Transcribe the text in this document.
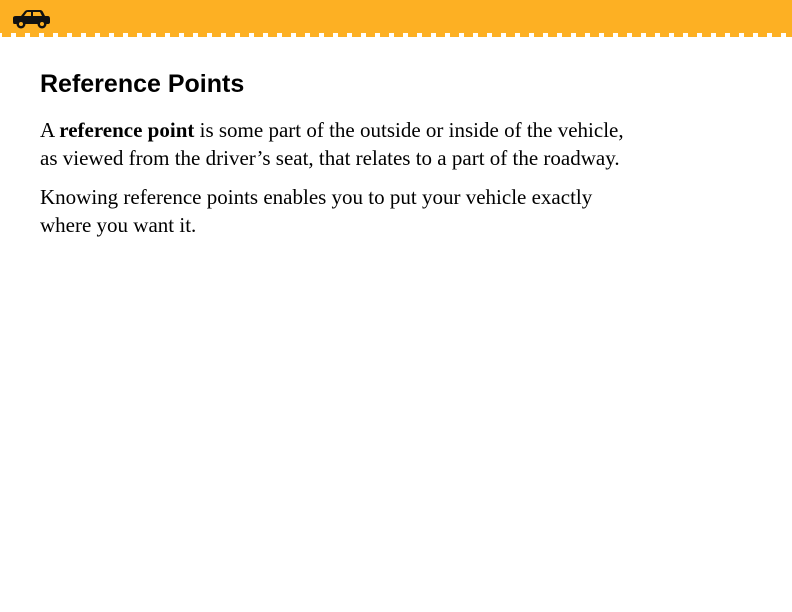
Reference Points

A reference point is some part of the outside or inside of the vehicle, as viewed from the driver’s seat, that relates to a part of the roadway.

Knowing reference points enables you to put your vehicle exactly where you want it.
